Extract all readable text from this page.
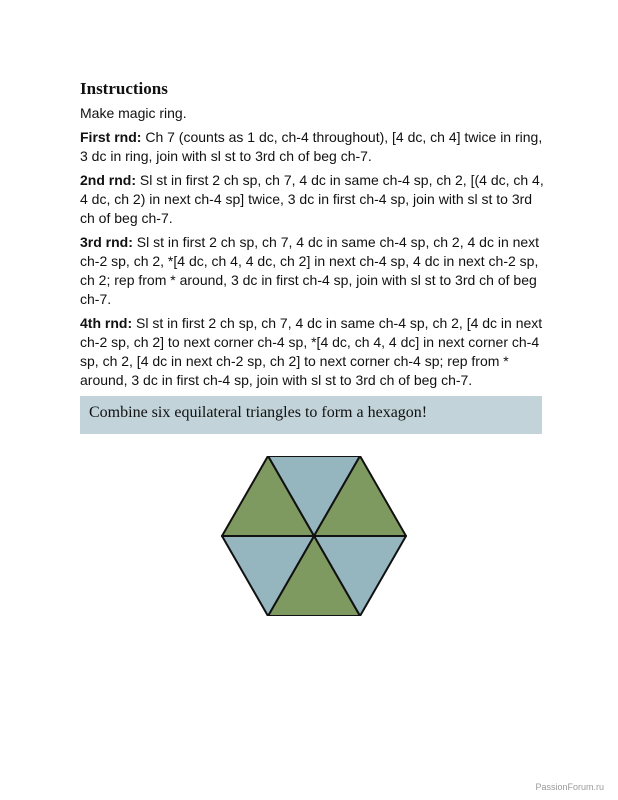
Instructions
Make magic ring.
First rnd: Ch 7 (counts as 1 dc, ch-4 throughout), [4 dc, ch 4] twice in ring, 3 dc in ring, join with sl st to 3rd ch of beg ch-7.
2nd rnd: Sl st in first 2 ch sp, ch 7, 4 dc in same ch-4 sp, ch 2, [(4 dc, ch 4, 4 dc, ch 2) in next ch-4 sp] twice, 3 dc in first ch-4 sp, join with sl st to 3rd ch of beg ch-7.
3rd rnd: Sl st in first 2 ch sp, ch 7, 4 dc in same ch-4 sp, ch 2, 4 dc in next ch-2 sp, ch 2, *[4 dc, ch 4, 4 dc, ch 2] in next ch-4 sp, 4 dc in next ch-2 sp, ch 2; rep from * around, 3 dc in first ch-4 sp, join with sl st to 3rd ch of beg ch-7.
4th rnd: Sl st in first 2 ch sp, ch 7, 4 dc in same ch-4 sp, ch 2, [4 dc in next ch-2 sp, ch 2] to next corner ch-4 sp, *[4 dc, ch 4, 4 dc] in next corner ch-4 sp, ch 2, [4 dc in next ch-2 sp, ch 2] to next corner ch-4 sp; rep from * around, 3 dc in first ch-4 sp, join with sl st to 3rd ch of beg ch-7.
Combine six equilateral triangles to form a hexagon!
PassionForum.ru
